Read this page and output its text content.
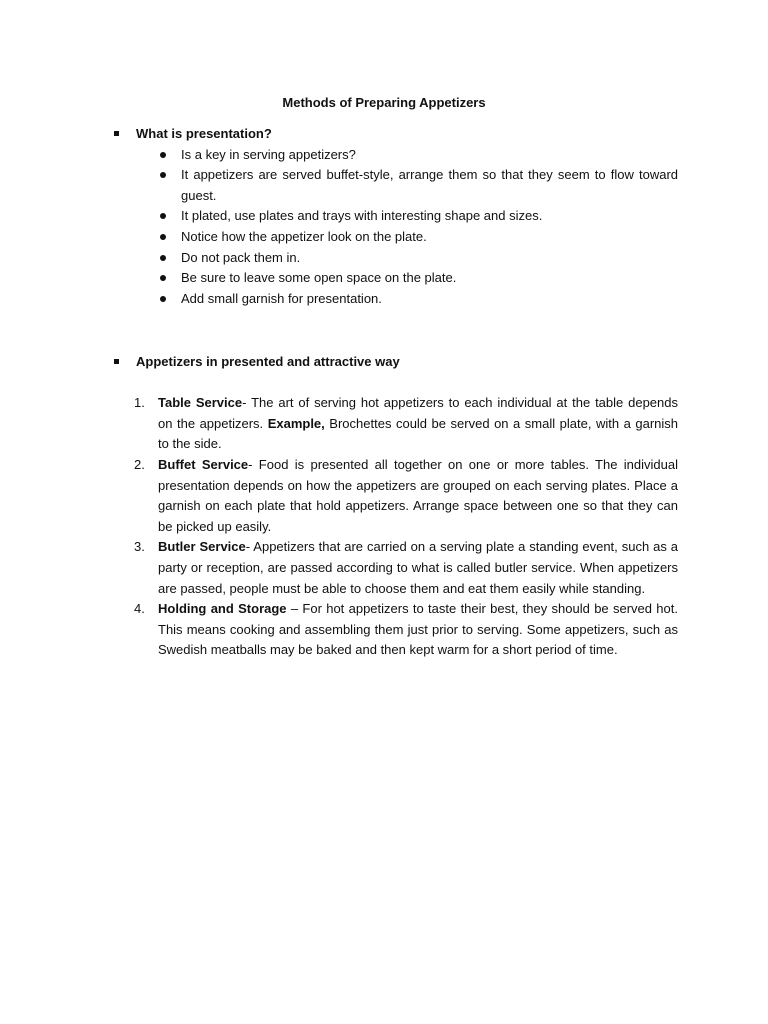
Methods of Preparing Appetizers
What is presentation?
Is a key in serving appetizers?
It appetizers are served buffet-style, arrange them so that they seem to flow toward guest.
It plated, use plates and trays with interesting shape and sizes.
Notice how the appetizer look on the plate.
Do not pack them in.
Be sure to leave some open space on the plate.
Add small garnish for presentation.
Appetizers in presented and attractive way
1. Table Service- The art of serving hot appetizers to each individual at the table depends on the appetizers. Example, Brochettes could be served on a small plate, with a garnish to the side.
2. Buffet Service- Food is presented all together on one or more tables. The individual presentation depends on how the appetizers are grouped on each serving plates. Place a garnish on each plate that hold appetizers. Arrange space between one so that they can be picked up easily.
3. Butler Service- Appetizers that are carried on a serving plate a standing event, such as a party or reception, are passed according to what is called butler service. When appetizers are passed, people must be able to choose them and eat them easily while standing.
4. Holding and Storage – For hot appetizers to taste their best, they should be served hot. This means cooking and assembling them just prior to serving. Some appetizers, such as Swedish meatballs may be baked and then kept warm for a short period of time.
